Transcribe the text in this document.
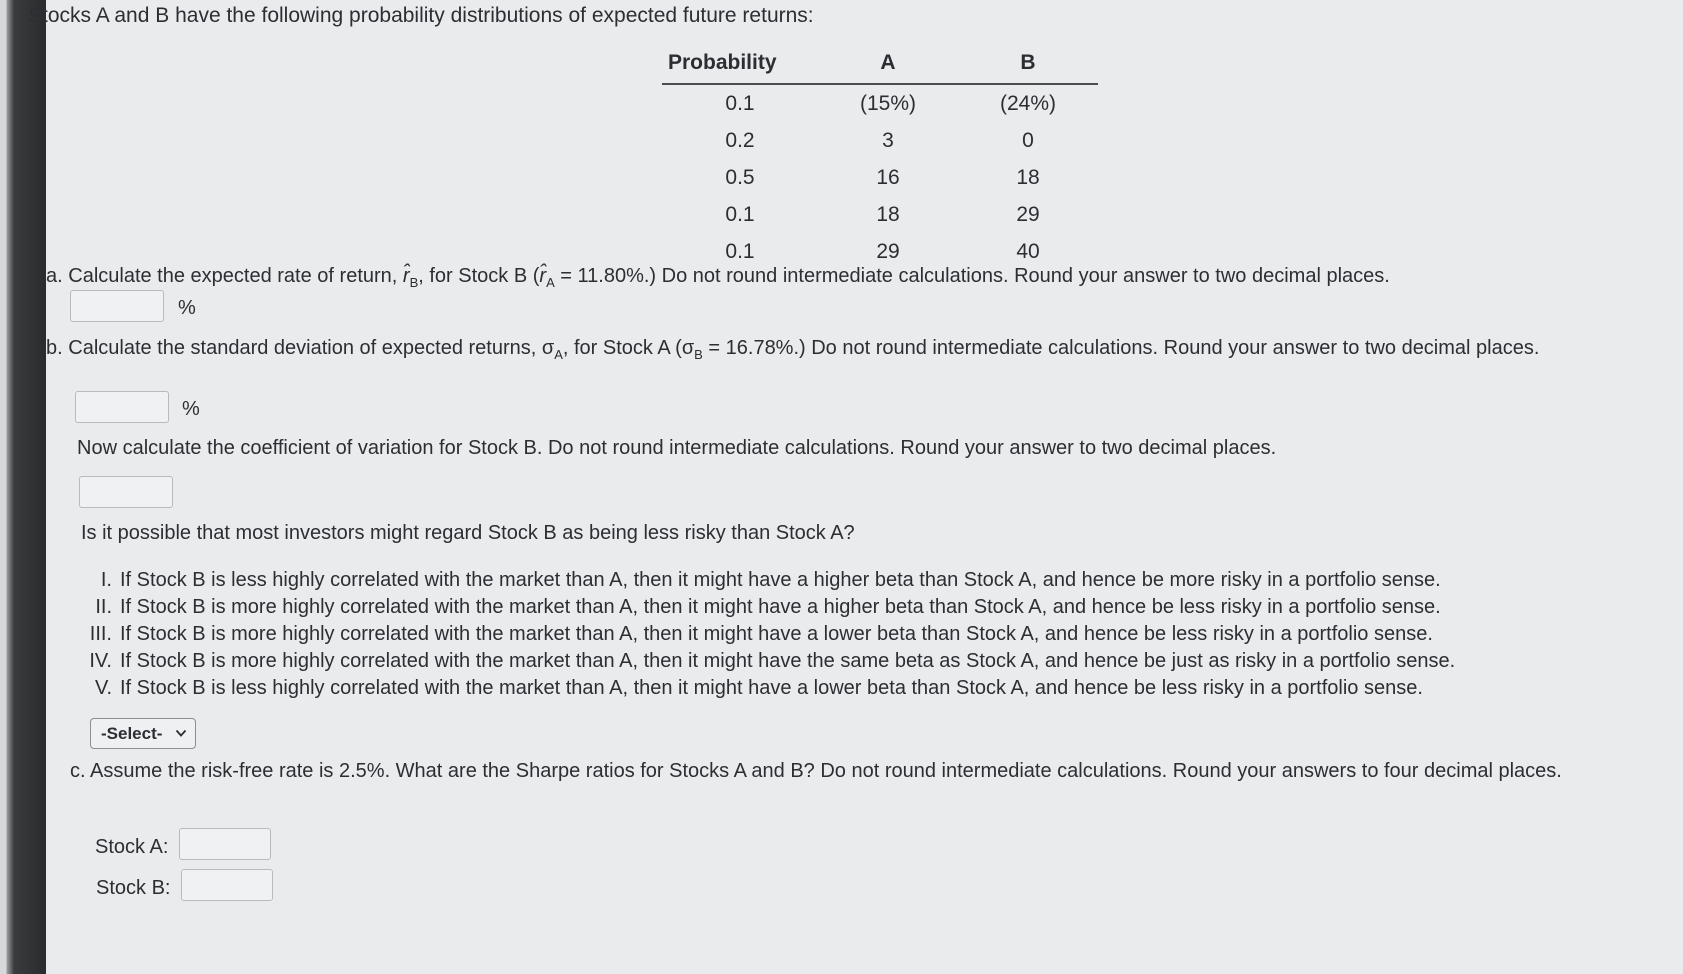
Stocks A and B have the following probability distributions of expected future returns:
Probability	A	B
0.1	(15%)	(24%)
0.2	3	0
0.5	16	18
0.1	18	29
0.1	29	40
a. Calculate the expected rate of return, $r̂_B$, for Stock B $(r̂_A = 11.80\%.)$ Do not round intermediate calculations. Round your answer to two decimal places.
%
b. Calculate the standard deviation of expected returns, $\sigma_A$, for Stock A $(\sigma_B = 16.78\%.)$ Do not round intermediate calculations. Round your answer to two decimal places.
%
Now calculate the coefficient of variation for Stock B. Do not round intermediate calculations. Round your answer to two decimal places.
Is it possible that most investors might regard Stock B as being less risky than Stock A?
I. If Stock B is less highly correlated with the market than A, then it might have a higher beta than Stock A, and hence be more risky in a portfolio sense.
II. If Stock B is more highly correlated with the market than A, then it might have a higher beta than Stock A, and hence be less risky in a portfolio sense.
III. If Stock B is more highly correlated with the market than A, then it might have a lower beta than Stock A, and hence be less risky in a portfolio sense.
IV. If Stock B is more highly correlated with the market than A, then it might have the same beta as Stock A, and hence be just as risky in a portfolio sense.
V. If Stock B is less highly correlated with the market than A, then it might have a lower beta than Stock A, and hence be less risky in a portfolio sense.
-Select-
c. Assume the risk-free rate is 2.5%. What are the Sharpe ratios for Stocks A and B? Do not round intermediate calculations. Round your answers to four decimal places.
Stock A:
Stock B:
